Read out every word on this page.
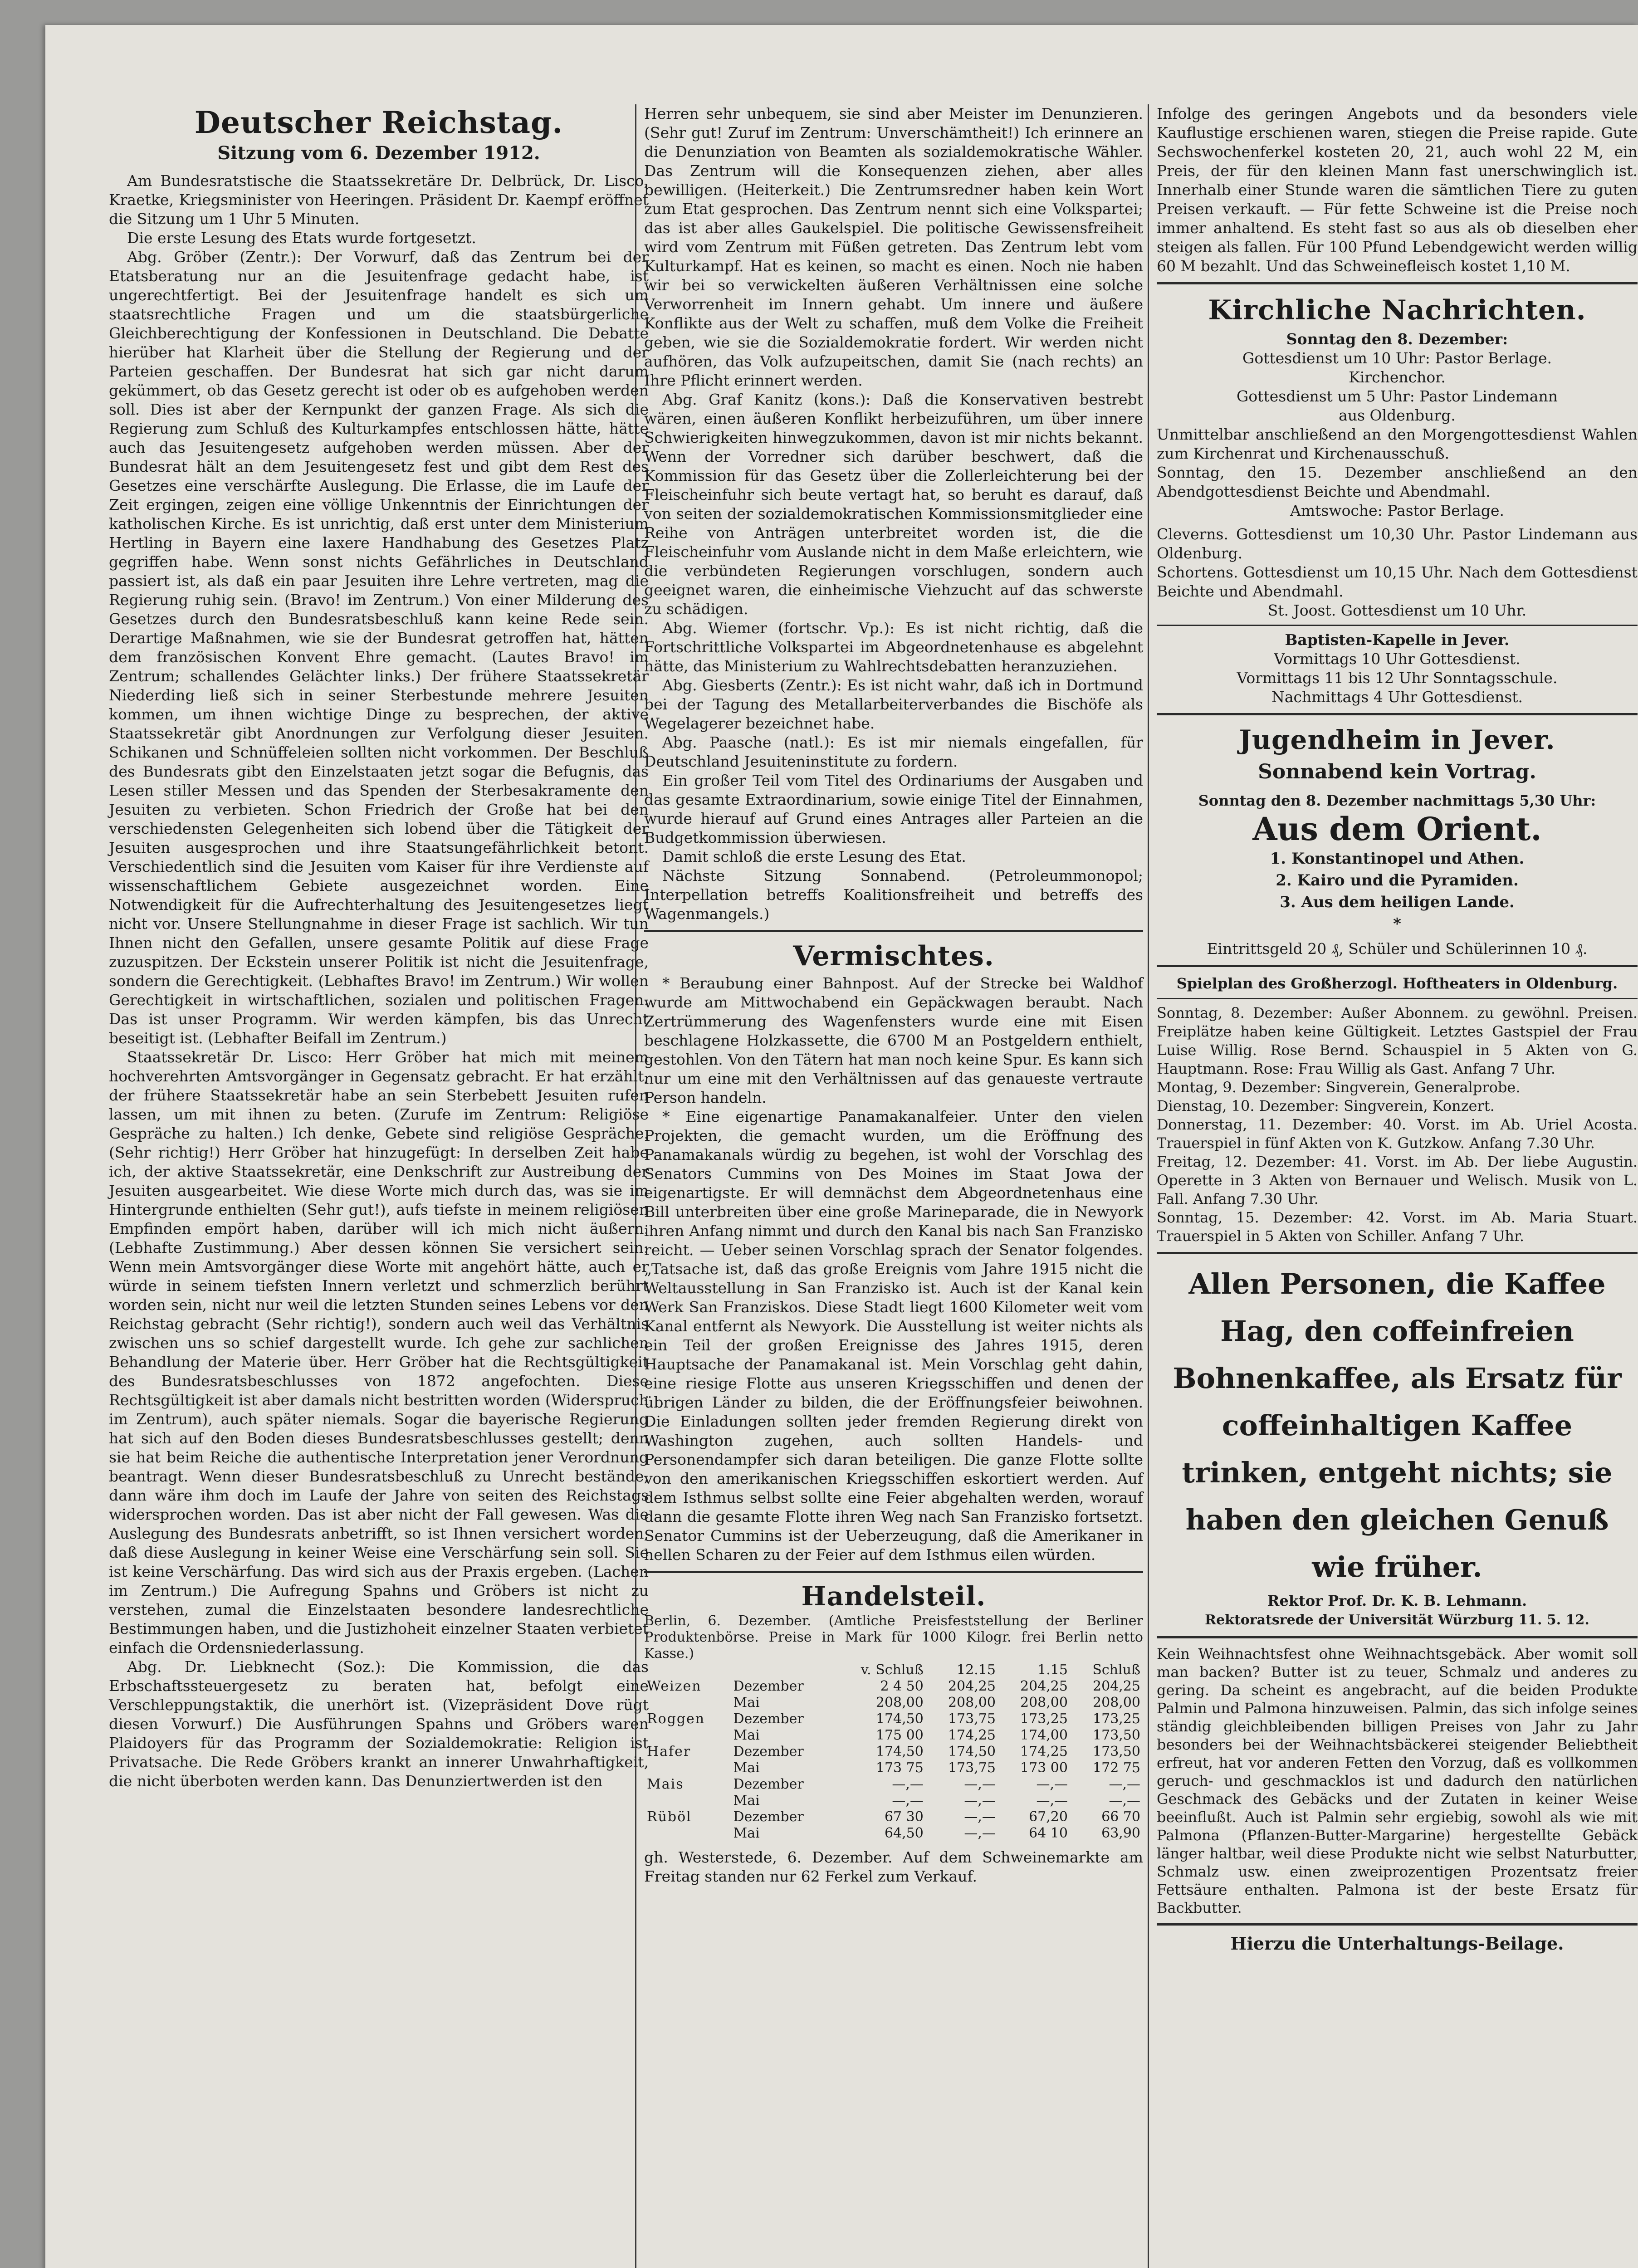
Deutscher Reichstag.
Sitzung vom 6. Dezember 1912.

Am Bundesratstische die Staatssekretäre Dr. Delbrück, Dr. Lisco, Kraetke, Kriegsminister von Heeringen. Präsident Dr. Kaempf eröffnet die Sitzung um 1 Uhr 5 Minuten.

Die erste Lesung des Etats wurde fortgesetzt.

Abg. Gröber (Zentr.): Der Vorwurf, daß das Zentrum bei der Etatsberatung nur an die Jesuitenfrage gedacht habe, ist ungerechtfertigt. Bei der Jesuitenfrage handelt es sich um staatsrechtliche Fragen und um die staatsbürgerliche Gleichberechtigung der Konfessionen in Deutschland. Die Debatte hierüber hat Klarheit über die Stellung der Regierung und der Parteien geschaffen. Der Bundesrat hat sich gar nicht darum gekümmert, ob das Gesetz gerecht ist oder ob es aufgehoben werden soll. Dies ist aber der Kernpunkt der ganzen Frage. Als sich die Regierung zum Schluß des Kulturkampfes entschlossen hätte, hätte auch das Jesuitengesetz aufgehoben werden müssen. Aber der Bundesrat hält an dem Jesuitengesetz fest und gibt dem Rest des Gesetzes eine verschärfte Auslegung. Die Erlasse, die im Laufe der Zeit ergingen, zeigen eine völlige Unkenntnis der Einrichtungen der katholischen Kirche. Es ist unrichtig, daß erst unter dem Ministerium Hertling in Bayern eine laxere Handhabung des Gesetzes Platz gegriffen habe. Wenn sonst nichts Gefährliches in Deutschland passiert ist, als daß ein paar Jesuiten ihre Lehre vertreten, mag die Regierung ruhig sein. (Bravo! im Zentrum.) Von einer Milderung des Gesetzes durch den Bundesratsbeschluß kann keine Rede sein. Derartige Maßnahmen, wie sie der Bundesrat getroffen hat, hätten dem französischen Konvent Ehre gemacht. (Lautes Bravo! im Zentrum; schallendes Gelächter links.) Der frühere Staatssekretär Niederding ließ sich in seiner Sterbestunde mehrere Jesuiten kommen, um ihnen wichtige Dinge zu besprechen, der aktive Staatssekretär gibt Anordnungen zur Verfolgung dieser Jesuiten. Schikanen und Schnüffeleien sollten nicht vorkommen. Der Beschluß des Bundesrats gibt den Einzelstaaten jetzt sogar die Befugnis, das Lesen stiller Messen und das Spenden der Sterbesakramente den Jesuiten zu verbieten. Schon Friedrich der Große hat bei den verschiedensten Gelegenheiten sich lobend über die Tätigkeit der Jesuiten ausgesprochen und ihre Staatsungefährlichkeit betont. Verschiedentlich sind die Jesuiten vom Kaiser für ihre Verdienste auf wissenschaftlichem Gebiete ausgezeichnet worden. Eine Notwendigkeit für die Aufrechterhaltung des Jesuitengesetzes liegt nicht vor. Unsere Stellungnahme in dieser Frage ist sachlich. Wir tun Ihnen nicht den Gefallen, unsere gesamte Politik auf diese Frage zuzuspitzen. Der Eckstein unserer Politik ist nicht die Jesuitenfrage, sondern die Gerechtigkeit. (Lebhaftes Bravo! im Zentrum.) Wir wollen Gerechtigkeit in wirtschaftlichen, sozialen und politischen Fragen. Das ist unser Programm. Wir werden kämpfen, bis das Unrecht beseitigt ist. (Lebhafter Beifall im Zentrum.)

Staatssekretär Dr. Lisco: Herr Gröber hat mich mit meinem hochverehrten Amtsvorgänger in Gegensatz gebracht. Er hat erzählt, der frühere Staatssekretär habe an sein Sterbebett Jesuiten rufen lassen, um mit ihnen zu beten. (Zurufe im Zentrum: Religiöse Gespräche zu halten.) Ich denke, Gebete sind religiöse Gespräche. (Sehr richtig!) Herr Gröber hat hinzugefügt: In derselben Zeit habe ich, der aktive Staatssekretär, eine Denkschrift zur Austreibung der Jesuiten ausgearbeitet. Wie diese Worte mich durch das, was sie im Hintergrunde enthielten (Sehr gut!), aufs tiefste in meinem religiösen Empfinden empört haben, darüber will ich mich nicht äußern. (Lebhafte Zustimmung.) Aber dessen können Sie versichert sein: Wenn mein Amtsvorgänger diese Worte mit angehört hätte, auch er würde in seinem tiefsten Innern verletzt und schmerzlich berührt worden sein, nicht nur weil die letzten Stunden seines Lebens vor den Reichstag gebracht (Sehr richtig!), sondern auch weil das Verhältnis zwischen uns so schief dargestellt wurde. Ich gehe zur sachlichen Behandlung der Materie über. Herr Gröber hat die Rechtsgültigkeit des Bundesratsbeschlusses von 1872 angefochten. Diese Rechtsgültigkeit ist aber damals nicht bestritten worden (Widerspruch im Zentrum), auch später niemals. Sogar die bayerische Regierung hat sich auf den Boden dieses Bundesratsbeschlusses gestellt; denn sie hat beim Reiche die authentische Interpretation jener Verordnung beantragt. Wenn dieser Bundesratsbeschluß zu Unrecht bestände, dann wäre ihm doch im Laufe der Jahre von seiten des Reichstags widersprochen worden. Das ist aber nicht der Fall gewesen. Was die Auslegung des Bundesrats anbetrifft, so ist Ihnen versichert worden, daß diese Auslegung in keiner Weise eine Verschärfung sein soll. Sie ist keine Verschärfung. Das wird sich aus der Praxis ergeben. (Lachen im Zentrum.) Die Aufregung Spahns und Gröbers ist nicht zu verstehen, zumal die Einzelstaaten besondere landesrechtliche Bestimmungen haben, und die Justizhoheit einzelner Staaten verbietet einfach die Ordensniederlassung.

Abg. Dr. Liebknecht (Soz.): Die Kommission, die das Erbschaftssteuergesetz zu beraten hat, befolgt eine Verschleppungstaktik, die unerhört ist. (Vizepräsident Dove rügt diesen Vorwurf.) Die Ausführungen Spahns und Gröbers waren Plaidoyers für das Programm der Sozialdemokratie: Religion ist Privatsache. Die Rede Gröbers krankt an innerer Unwahrhaftigkeit, die nicht überboten werden kann. Das Denunziertwerden ist den

Herren sehr unbequem, sie sind aber Meister im Denunzieren. (Sehr gut! Zuruf im Zentrum: Unverschämtheit!) Ich erinnere an die Denunziation von Beamten als sozialdemokratische Wähler. Das Zentrum will die Konsequenzen ziehen, aber alles bewilligen. (Heiterkeit.) Die Zentrumsredner haben kein Wort zum Etat gesprochen. Das Zentrum nennt sich eine Volkspartei; das ist aber alles Gaukelspiel. Die politische Gewissensfreiheit wird vom Zentrum mit Füßen getreten. Das Zentrum lebt vom Kulturkampf. Hat es keinen, so macht es einen. Noch nie haben wir bei so verwickelten äußeren Verhältnissen eine solche Verworrenheit im Innern gehabt. Um innere und äußere Konflikte aus der Welt zu schaffen, muß dem Volke die Freiheit geben, wie sie die Sozialdemokratie fordert. Wir werden nicht aufhören, das Volk aufzupeitschen, damit Sie (nach rechts) an Ihre Pflicht erinnert werden.

Abg. Graf Kanitz (kons.): Daß die Konservativen bestrebt wären, einen äußeren Konflikt herbeizuführen, um über innere Schwierigkeiten hinwegzukommen, davon ist mir nichts bekannt. Wenn der Vorredner sich darüber beschwert, daß die Kommission für das Gesetz über die Zollerleichterung bei der Fleischeinfuhr sich beute vertagt hat, so beruht es darauf, daß von seiten der sozialdemokratischen Kommissionsmitglieder eine Reihe von Anträgen unterbreitet worden ist, die die Fleischeinfuhr vom Auslande nicht in dem Maße erleichtern, wie die verbündeten Regierungen vorschlugen, sondern auch geeignet waren, die einheimische Viehzucht auf das schwerste zu schädigen.

Abg. Wiemer (fortschr. Vp.): Es ist nicht richtig, daß die Fortschrittliche Volkspartei im Abgeordnetenhause es abgelehnt hätte, das Ministerium zu Wahlrechtsdebatten heranzuziehen.

Abg. Giesberts (Zentr.): Es ist nicht wahr, daß ich in Dortmund bei der Tagung des Metallarbeiterverbandes die Bischöfe als Wegelagerer bezeichnet habe.

Abg. Paasche (natl.): Es ist mir niemals eingefallen, für Deutschland Jesuiteninstitute zu fordern.

Ein großer Teil vom Titel des Ordinariums der Ausgaben und das gesamte Extraordinarium, sowie einige Titel der Einnahmen, wurde hierauf auf Grund eines Antrages aller Parteien an die Budgetkommission überwiesen.

Damit schloß die erste Lesung des Etat.

Nächste Sitzung Sonnabend. (Petroleummonopol; Interpellation betreffs Koalitionsfreiheit und betreffs des Wagenmangels.)

Vermischtes.

* Beraubung einer Bahnpost. Auf der Strecke bei Waldhof wurde am Mittwochabend ein Gepäckwagen beraubt. Nach Zertrümmerung des Wagenfensters wurde eine mit Eisen beschlagene Holzkassette, die 6700 M an Postgeldern enthielt, gestohlen. Von den Tätern hat man noch keine Spur. Es kann sich nur um eine mit den Verhältnissen auf das genaueste vertraute Person handeln.

* Eine eigenartige Panamakanalfeier. Unter den vielen Projekten, die gemacht wurden, um die Eröffnung des Panamakanals würdig zu begehen, ist wohl der Vorschlag des Senators Cummins von Des Moines im Staat Jowa der eigenartigste. Er will demnächst dem Abgeordnetenhaus eine Bill unterbreiten über eine große Marineparade, die in Newyork ihren Anfang nimmt und durch den Kanal bis nach San Franzisko reicht. — Ueber seinen Vorschlag sprach der Senator folgendes. „Tatsache ist, daß das große Ereignis vom Jahre 1915 nicht die Weltausstellung in San Franzisko ist. Auch ist der Kanal kein Werk San Franziskos. Diese Stadt liegt 1600 Kilometer weit vom Kanal entfernt als Newyork. Die Ausstellung ist weiter nichts als ein Teil der großen Ereignisse des Jahres 1915, deren Hauptsache der Panamakanal ist. Mein Vorschlag geht dahin, eine riesige Flotte aus unseren Kriegsschiffen und denen der übrigen Länder zu bilden, die der Eröffnungsfeier beiwohnen. Die Einladungen sollten jeder fremden Regierung direkt von Washington zugehen, auch sollten Handels- und Personendampfer sich daran beteiligen. Die ganze Flotte sollte von den amerikanischen Kriegsschiffen eskortiert werden. Auf dem Isthmus selbst sollte eine Feier abgehalten werden, worauf dann die gesamte Flotte ihren Weg nach San Franzisko fortsetzt. Senator Cummins ist der Ueberzeugung, daß die Amerikaner in hellen Scharen zu der Feier auf dem Isthmus eilen würden.

Handelsteil.
Berlin, 6. Dezember. (Amtliche Preisfeststellung der Berliner Produktenbörse. Preise in Mark für 1000 Kilogr. frei Berlin netto Kasse.)
		v. Schluß	12.15	1.15	Schluß
Weizen	Dezember	2 4 50	204,25	204,25	204,25
	Mai	208,00	208,00	208,00	208,00
Roggen	Dezember	174,50	173,75	173,25	173,25
	Mai	175 00	174,25	174,00	173,50
Hafer	Dezember	174,50	174,50	174,25	173,50
	Mai	173 75	173,75	173 00	172 75
Mais	Dezember	—,—	—,—	—,—	—,—
	Mai	—,—	—,—	—,—	—,—
Rüböl	Dezember	67 30	—,—	67,20	66 70
	Mai	64,50	—,—	64 10	63,90
gh. Westerstede, 6. Dezember. Auf dem Schweinemarkte am Freitag standen nur 62 Ferkel zum Verkauf.
Infolge des geringen Angebots und da besonders viele Kauflustige erschienen waren, stiegen die Preise rapide. Gute Sechswochenferkel kosteten 20, 21, auch wohl 22 M, ein Preis, der für den kleinen Mann fast unerschwinglich ist. Innerhalb einer Stunde waren die sämtlichen Tiere zu guten Preisen verkauft. — Für fette Schweine ist die Preise noch immer anhaltend. Es steht fast so aus als ob dieselben eher steigen als fallen. Für 100 Pfund Lebendgewicht werden willig 60 M bezahlt. Und das Schweinefleisch kostet 1,10 M.
Kirchliche Nachrichten.
Sonntag den 8. Dezember:
Gottesdienst um 10 Uhr: Pastor Berlage.
Kirchenchor.
Gottesdienst um 5 Uhr: Pastor Lindemann
aus Oldenburg.
Unmittelbar anschließend an den Morgengottesdienst Wahlen zum Kirchenrat und Kirchenausschuß.
Sonntag, den 15. Dezember anschließend an den Abendgottesdienst Beichte und Abendmahl.
Amtswoche: Pastor Berlage.
Cleverns. Gottesdienst um 10,30 Uhr. Pastor Lindemann aus Oldenburg.
Schortens. Gottesdienst um 10,15 Uhr. Nach dem Gottesdienst Beichte und Abendmahl.
St. Joost. Gottesdienst um 10 Uhr.
Baptisten-Kapelle in Jever.
Vormittags 10 Uhr Gottesdienst.
Vormittags 11 bis 12 Uhr Sonntagsschule.
Nachmittags 4 Uhr Gottesdienst.
Jugendheim in Jever.
Sonnabend kein Vortrag.
Sonntag den 8. Dezember nachmittags 5,30 Uhr:
Aus dem Orient.
1. Konstantinopel und Athen.
2. Kairo und die Pyramiden.
3. Aus dem heiligen Lande.
*
Eintrittsgeld 20 ₰, Schüler und Schülerinnen 10 ₰.
Spielplan des Großherzogl. Hoftheaters in Oldenburg.

Sonntag, 8. Dezember: Außer Abonnem. zu gewöhnl. Preisen. Freiplätze haben keine Gültigkeit. Letztes Gastspiel der Frau Luise Willig. Rose Bernd. Schauspiel in 5 Akten von G. Hauptmann. Rose: Frau Willig als Gast. Anfang 7 Uhr.

Montag, 9. Dezember: Singverein, Generalprobe.

Dienstag, 10. Dezember: Singverein, Konzert.

Donnerstag, 11. Dezember: 40. Vorst. im Ab. Uriel Acosta. Trauerspiel in fünf Akten von K. Gutzkow. Anfang 7.30 Uhr.

Freitag, 12. Dezember: 41. Vorst. im Ab. Der liebe Augustin. Operette in 3 Akten von Bernauer und Welisch. Musik von L. Fall. Anfang 7.30 Uhr.

Sonntag, 15. Dezember: 42. Vorst. im Ab. Maria Stuart. Trauerspiel in 5 Akten von Schiller. Anfang 7 Uhr.

Allen Personen, die Kaffee Hag, den coffeinfreien Bohnenkaffee, als Ersatz für coffeinhaltigen Kaffee trinken, entgeht nichts; sie haben den gleichen Genuß wie früher.
Rektor Prof. Dr. K. B. Lehmann.
Rektoratsrede der Universität Würzburg 11. 5. 12.
Kein Weihnachtsfest ohne Weihnachtsgebäck. Aber womit soll man backen? Butter ist zu teuer, Schmalz und anderes zu gering. Da scheint es angebracht, auf die beiden Produkte Palmin und Palmona hinzuweisen. Palmin, das sich infolge seines ständig gleichbleibenden billigen Preises von Jahr zu Jahr besonders bei der Weihnachtsbäckerei steigender Beliebtheit erfreut, hat vor anderen Fetten den Vorzug, daß es vollkommen geruch- und geschmacklos ist und dadurch den natürlichen Geschmack des Gebäcks und der Zutaten in keiner Weise beeinflußt. Auch ist Palmin sehr ergiebig, sowohl als wie mit Palmona (Pflanzen-Butter-Margarine) hergestellte Gebäck länger haltbar, weil diese Produkte nicht wie selbst Naturbutter, Schmalz usw. einen zweiprozentigen Prozentsatz freier Fettsäure enthalten. Palmona ist der beste Ersatz für Backbutter.
Hierzu die Unterhaltungs-Beilage.
